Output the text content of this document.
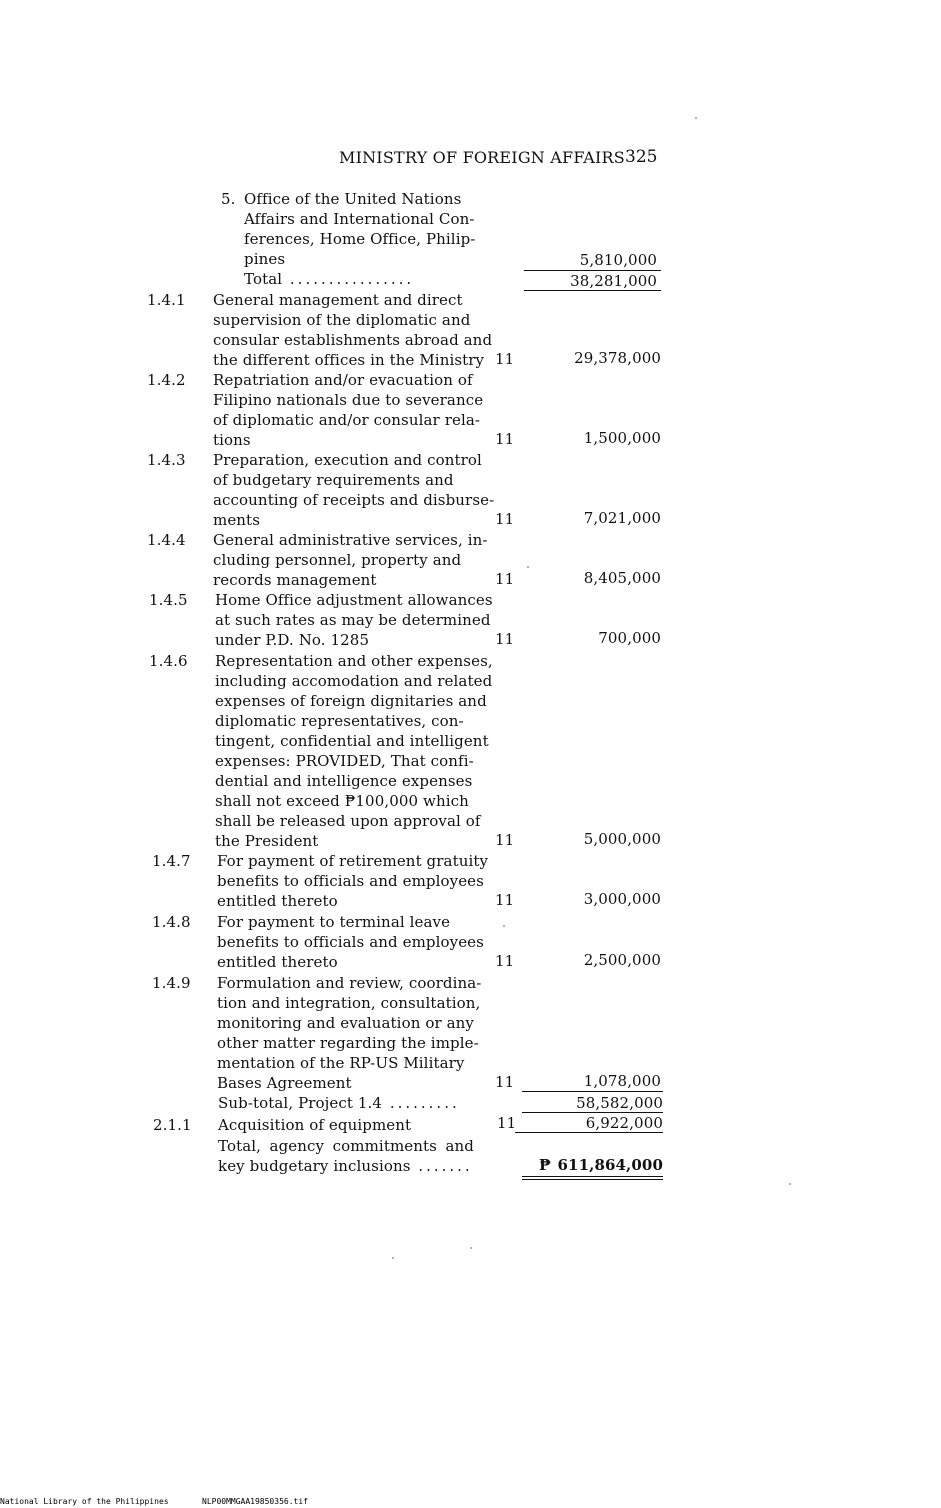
MINISTRY OF FOREIGN AFFAIRS 325
5. Office of the United Nations
Affairs and International Con-
ferences, Home Office, Philip-
pines	5,810,000
Total ................	38,281,000
1.4.1 General management and direct
supervision of the diplomatic and
consular establishments abroad and
the different offices in the Ministry 11	29,378,000
1.4.2 Repatriation and/or evacuation of
Filipino nationals due to severance
of diplomatic and/or consular rela-
tions	11	1,500,000
1.4.3 Preparation, execution and control
of budgetary requirements and
accounting of receipts and disburse-
ments	11	7,021,000
1.4.4 General administrative services, in-
cluding personnel, property and
records management	11	8,405,000
1.4.5 Home Office adjustment allowances
at such rates as may be determined
under P.D. No. 1285	11	700,000
1.4.6 Representation and other expenses,
including accomodation and related
expenses of foreign dignitaries and
diplomatic representatives, con-
tingent, confidential and intelligent
expenses: PROVIDED, That confi-
dential and intelligence expenses
shall not exceed ₱100,000 which
shall be released upon approval of
the President	11	5,000,000
1.4.7 For payment of retirement gratuity
benefits to officials and employees
entitled thereto	11	3,000,000
1.4.8 For payment to terminal leave
benefits to officials and employees
entitled thereto	11	2,500,000
1.4.9 Formulation and review, coordina-
tion and integration, consultation,
monitoring and evaluation or any
other matter regarding the imple-
mentation of the RP-US Military
Bases Agreement	11	1,078,000
Sub-total, Project 1.4 .........	58,582,000
2.1.1 Acquisition of equipment	11	6,922,000
Total, agency commitments and
key budgetary inclusions .......	₱ 611,864,000
National Library of the Philippines	NLP00MMGAA19850356.tif
